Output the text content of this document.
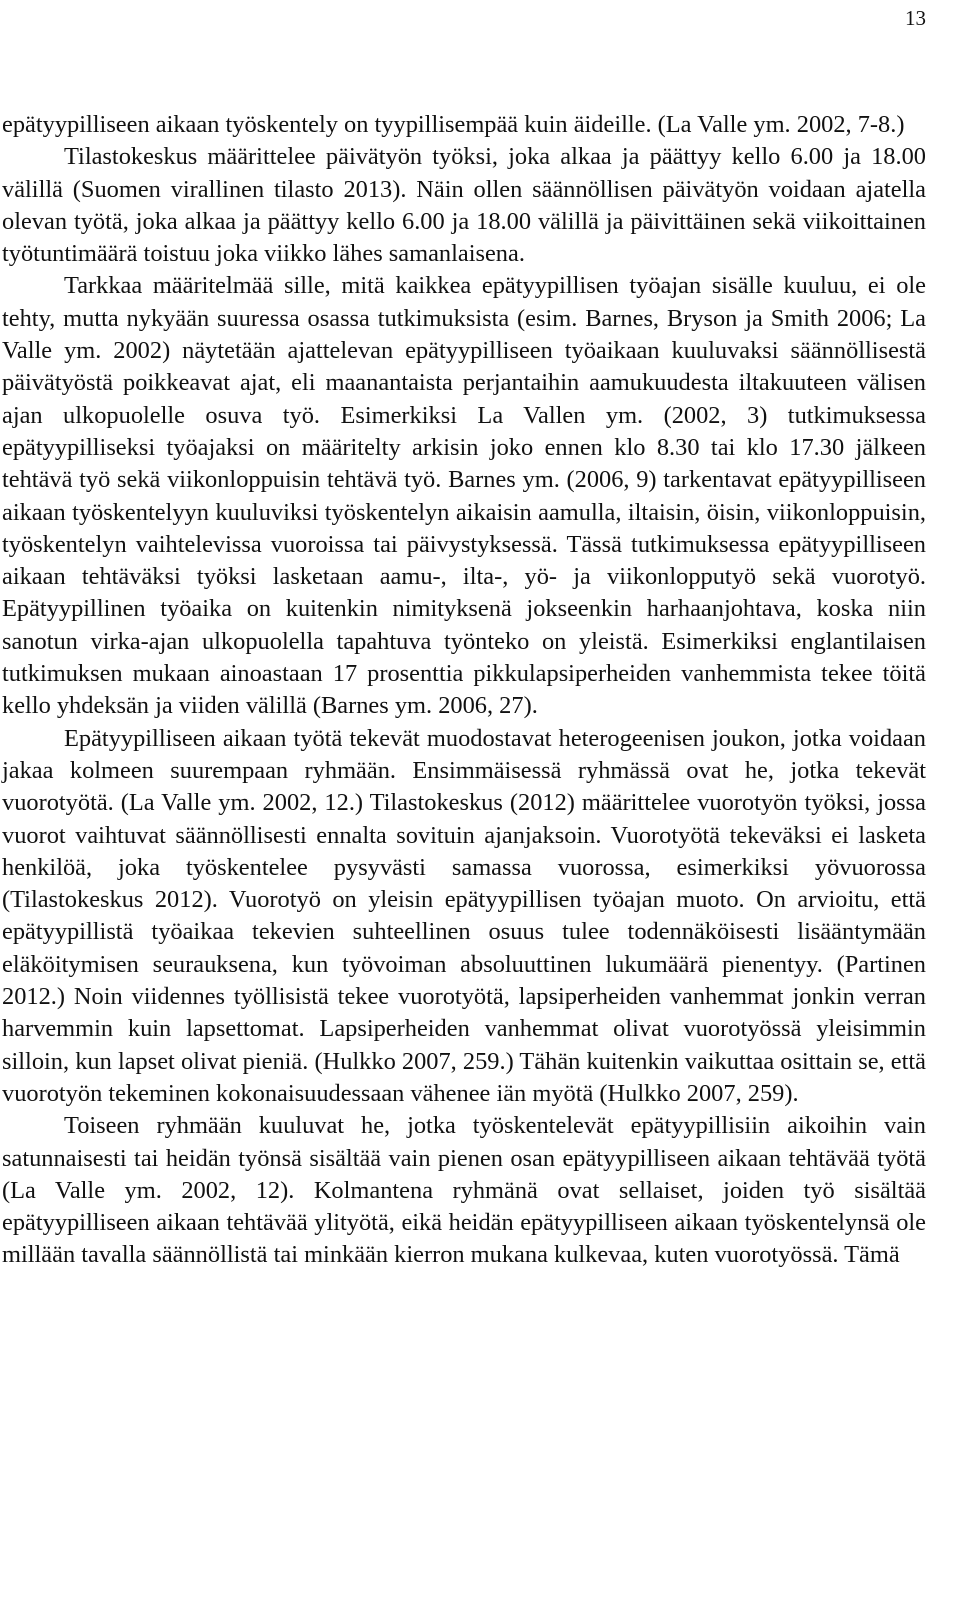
13

epätyypilliseen aikaan työskentely on tyypillisempää kuin äideille. (La Valle ym. 2002, 7-8.)

Tilastokeskus määrittelee päivätyön työksi, joka alkaa ja päättyy kello 6.00 ja 18.00 välillä (Suomen virallinen tilasto 2013). Näin ollen säännöllisen päivätyön voidaan ajatella olevan työtä, joka alkaa ja päättyy kello 6.00 ja 18.00 välillä ja päivittäinen sekä viikoittainen työtuntimäärä toistuu joka viikko lähes samanlaisena.

Tarkkaa määritelmää sille, mitä kaikkea epätyypillisen työajan sisälle kuuluu, ei ole tehty, mutta nykyään suuressa osassa tutkimuksista (esim. Barnes, Bryson ja Smith 2006; La Valle ym. 2002) näytetään ajattelevan epätyypilliseen työaikaan kuuluvaksi säännöllisestä päivätyöstä poikkeavat ajat, eli maanantaista perjantaihin aamukuudesta iltakuuteen välisen ajan ulkopuolelle osuva työ. Esimerkiksi La Vallen ym. (2002, 3) tutkimuksessa epätyypilliseksi työajaksi on määritelty arkisin joko ennen klo 8.30 tai klo 17.30 jälkeen tehtävä työ sekä viikonloppuisin tehtävä työ. Barnes ym. (2006, 9) tarkentavat epätyypilliseen aikaan työskentelyyn kuuluviksi työskentelyn aikaisin aamulla, iltaisin, öisin, viikonloppuisin, työskentelyn vaihtelevissa vuoroissa tai päivystyksessä. Tässä tutkimuksessa epätyypilliseen aikaan tehtäväksi työksi lasketaan aamu-, ilta-, yö- ja viikonlopputyö sekä vuorotyö. Epätyypillinen työaika on kuitenkin nimityksenä jokseenkin harhaanjohtava, koska niin sanotun virka-ajan ulkopuolella tapahtuva työnteko on yleistä. Esimerkiksi englantilaisen tutkimuksen mukaan ainoastaan 17 prosenttia pikkulapsiperheiden vanhemmista tekee töitä kello yhdeksän ja viiden välillä (Barnes ym. 2006, 27).

Epätyypilliseen aikaan työtä tekevät muodostavat heterogeenisen joukon, jotka voidaan jakaa kolmeen suurempaan ryhmään. Ensimmäisessä ryhmässä ovat he, jotka tekevät vuorotyötä. (La Valle ym. 2002, 12.) Tilastokeskus (2012) määrittelee vuorotyön työksi, jossa vuorot vaihtuvat säännöllisesti ennalta sovituin ajanjaksoin. Vuorotyötä tekeväksi ei lasketa henkilöä, joka työskentelee pysyvästi samassa vuorossa, esimerkiksi yövuorossa (Tilastokeskus 2012). Vuorotyö on yleisin epätyypillisen työajan muoto. On arvioitu, että epätyypillistä työaikaa tekevien suhteellinen osuus tulee todennäköisesti lisääntymään eläköitymisen seurauksena, kun työvoiman absoluuttinen lukumäärä pienentyy. (Partinen 2012.) Noin viidennes työllisistä tekee vuorotyötä, lapsiperheiden vanhemmat jonkin verran harvemmin kuin lapsettomat. Lapsiperheiden vanhemmat olivat vuorotyössä yleisimmin silloin, kun lapset olivat pieniä. (Hulkko 2007, 259.) Tähän kuitenkin vaikuttaa osittain se, että vuorotyön tekeminen kokonaisuudessaan vähenee iän myötä (Hulkko 2007, 259).

Toiseen ryhmään kuuluvat he, jotka työskentelevät epätyypillisiin aikoihin vain satunnaisesti tai heidän työnsä sisältää vain pienen osan epätyypilliseen aikaan tehtävää työtä (La Valle ym. 2002, 12). Kolmantena ryhmänä ovat sellaiset, joiden työ sisältää epätyypilliseen aikaan tehtävää ylityötä, eikä heidän epätyypilliseen aikaan työskentelynsä ole millään tavalla säännöllistä tai minkään kierron mukana kulkevaa, kuten vuorotyössä. Tämä
